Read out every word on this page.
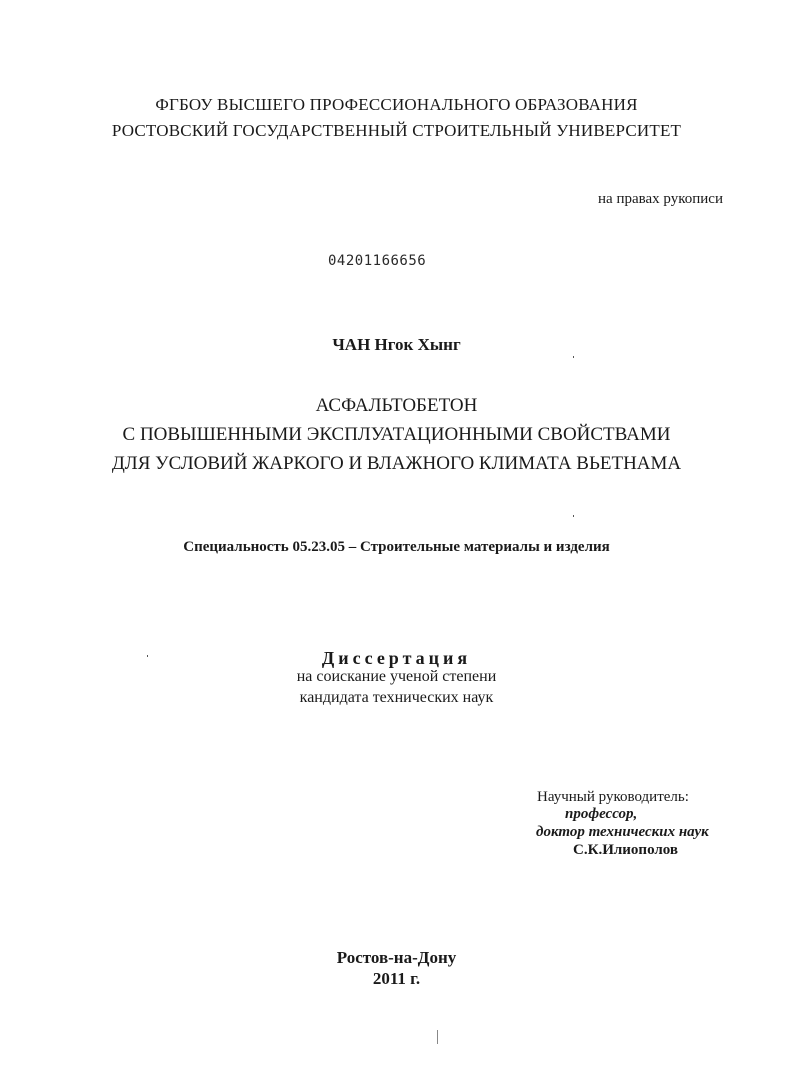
ФГБОУ ВЫСШЕГО ПРОФЕССИОНАЛЬНОГО ОБРАЗОВАНИЯ
РОСТОВСКИЙ ГОСУДАРСТВЕННЫЙ СТРОИТЕЛЬНЫЙ УНИВЕРСИТЕТ
на правах рукописи
04201166656
ЧАН Нгок Хынг
АСФАЛЬТОБЕТОН
С ПОВЫШЕННЫМИ ЭКСПЛУАТАЦИОННЫМИ СВОЙСТВАМИ
ДЛЯ УСЛОВИЙ ЖАРКОГО И ВЛАЖНОГО КЛИМАТА ВЬЕТНАМА
Специальность 05.23.05 – Строительные материалы и изделия
Диссертация
на соискание ученой степени
кандидата технических наук
Научный руководитель:
профессор,
доктор технических наук
С.К.Илиополов
Ростов-на-Дону
2011 г.
